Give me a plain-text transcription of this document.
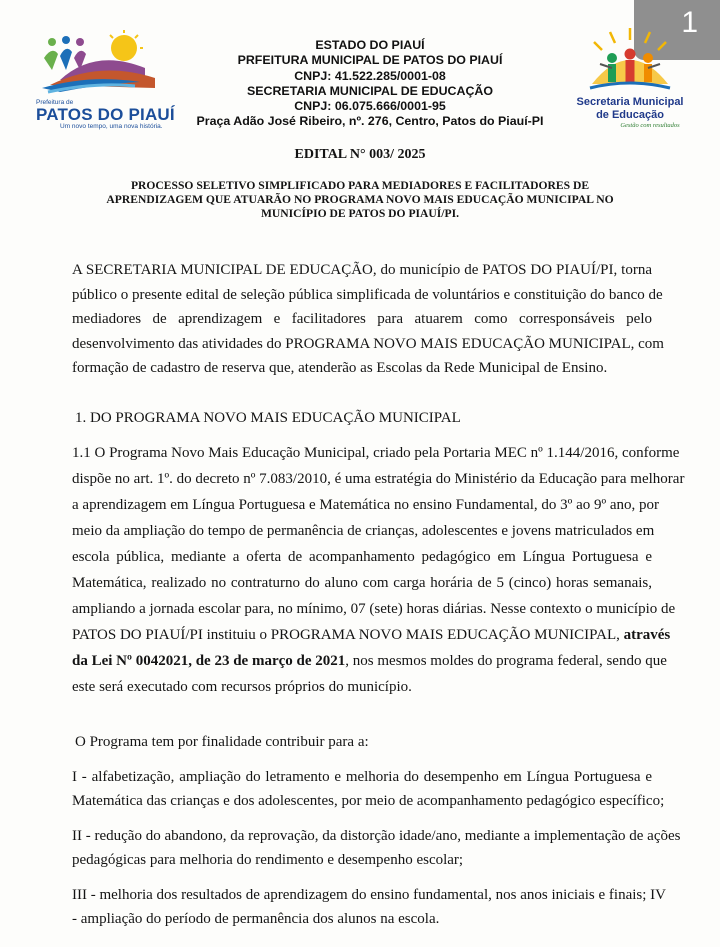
1
Prefeitura de
PATOS DO PIAUÍ
Um novo tempo, uma nova história.
ESTADO DO PIAUÍ
PRFEITURA MUNICIPAL DE PATOS DO PIAUÍ
CNPJ: 41.522.285/0001-08
SECRETARIA MUNICIPAL DE EDUCAÇÃO
CNPJ: 06.075.666/0001-95
Praça Adão José Ribeiro, nº. 276, Centro, Patos do Piauí-PI
Secretaria Municipal
de Educação
Gestão com resultados
EDITAL N° 003/ 2025
PROCESSO SELETIVO SIMPLIFICADO PARA MEDIADORES E FACILITADORES DE
APRENDIZAGEM QUE ATUARÃO NO PROGRAMA NOVO MAIS EDUCAÇÃO MUNICIPAL NO
MUNICÍPIO DE PATOS DO PIAUÍ/PI.
A SECRETARIA MUNICIPAL DE EDUCAÇÃO, do município de PATOS DO PIAUÍ/PI, torna
público o presente edital de seleção pública simplificada de voluntários e constituição do banco de
mediadores de aprendizagem e facilitadores para atuarem como corresponsáveis pelo
desenvolvimento das atividades do PROGRAMA NOVO MAIS EDUCAÇÃO MUNICIPAL, com
formação de cadastro de reserva que, atenderão as Escolas da Rede Municipal de Ensino.
1. DO PROGRAMA NOVO MAIS EDUCAÇÃO MUNICIPAL
1.1 O Programa Novo Mais Educação Municipal, criado pela Portaria MEC nº 1.144/2016, conforme
dispõe no art. 1º. do decreto nº 7.083/2010, é uma estratégia do Ministério da Educação para melhorar
a aprendizagem em Língua Portuguesa e Matemática no ensino Fundamental, do 3º ao 9º ano, por
meio da ampliação do tempo de permanência de crianças, adolescentes e jovens matriculados em
escola pública, mediante a oferta de acompanhamento pedagógico em Língua Portuguesa e
Matemática, realizado no contraturno do aluno com carga horária de 5 (cinco) horas semanais,
ampliando a jornada escolar para, no mínimo, 07 (sete) horas diárias. Nesse contexto o município de
PATOS DO PIAUÍ/PI instituiu o PROGRAMA NOVO MAIS EDUCAÇÃO MUNICIPAL, através
da Lei Nº 0042021, de 23 de março de 2021, nos mesmos moldes do programa federal, sendo que
este será executado com recursos próprios do município.
O Programa tem por finalidade contribuir para a:
I - alfabetização, ampliação do letramento e melhoria do desempenho em Língua Portuguesa e
Matemática das crianças e dos adolescentes, por meio de acompanhamento pedagógico específico;
II - redução do abandono, da reprovação, da distorção idade/ano, mediante a implementação de ações
pedagógicas para melhoria do rendimento e desempenho escolar;
III - melhoria dos resultados de aprendizagem do ensino fundamental, nos anos iniciais e finais; IV
- ampliação do período de permanência dos alunos na escola.
